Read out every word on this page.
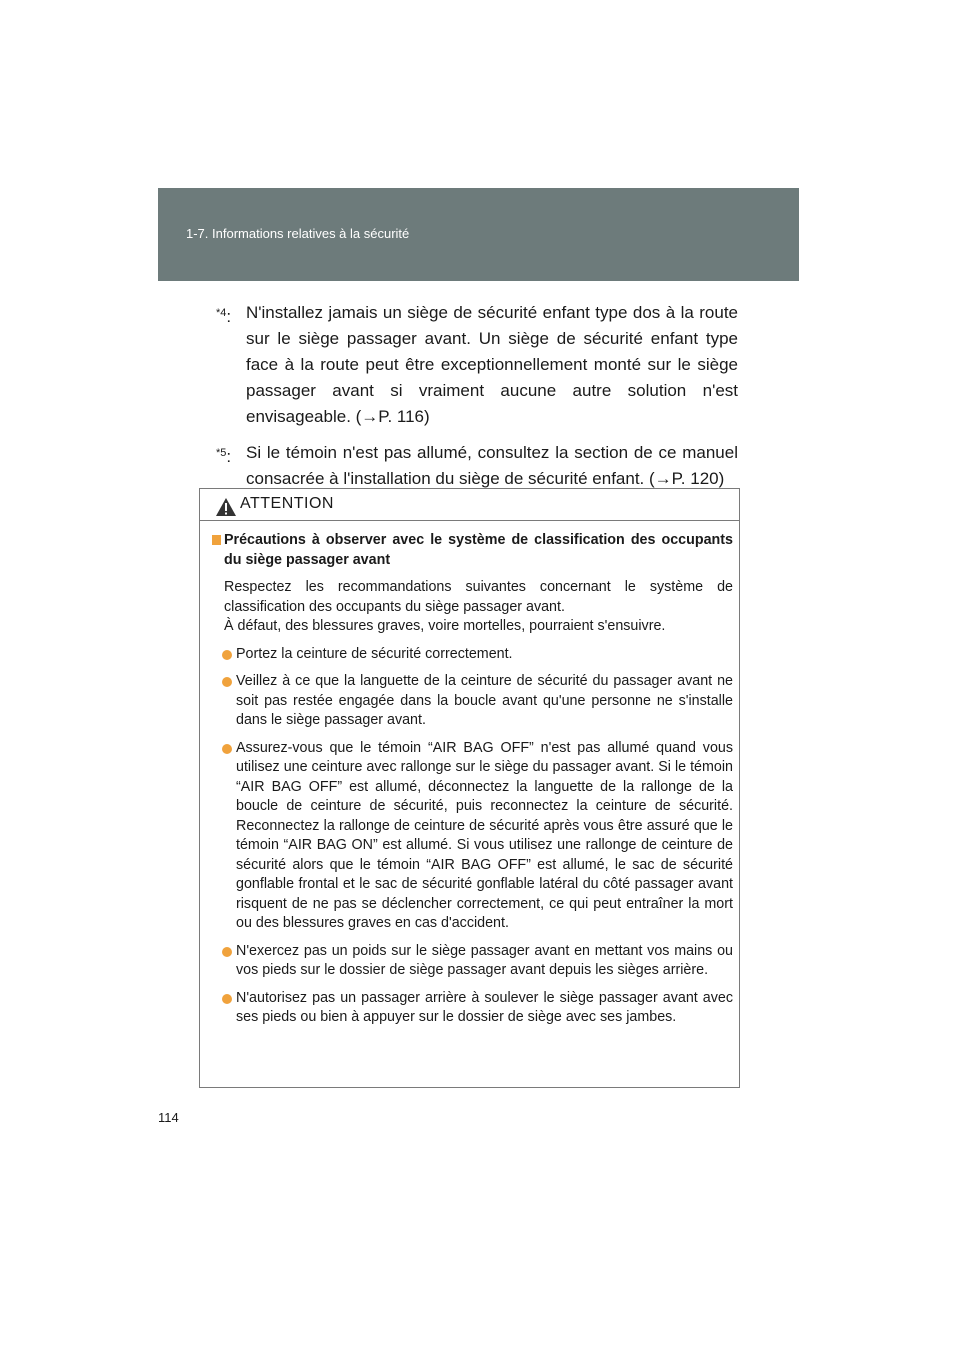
1-7. Informations relatives à la sécurité
$^{*4}$: N'installez jamais un siège de sécurité enfant type dos à la route sur le siège passager avant. Un siège de sécurité enfant type face à la route peut être exceptionnellement monté sur le siège passager avant si vraiment aucune autre solution n'est envisageable. (→P. 116)
$^{*5}$: Si le témoin n'est pas allumé, consultez la section de ce manuel consacrée à l'installation du siège de sécurité enfant. (→P. 120)
ATTENTION
Précautions à observer avec le système de classification des occupants du siège passager avant
Respectez les recommandations suivantes concernant le système de classification des occupants du siège passager avant.
À défaut, des blessures graves, voire mortelles, pourraient s'ensuivre.
Portez la ceinture de sécurité correctement.
Veillez à ce que la languette de la ceinture de sécurité du passager avant ne soit pas restée engagée dans la boucle avant qu'une personne ne s'installe dans le siège passager avant.
Assurez-vous que le témoin “AIR BAG OFF” n'est pas allumé quand vous utilisez une ceinture avec rallonge sur le siège du passager avant. Si le témoin “AIR BAG OFF” est allumé, déconnectez la languette de la rallonge de la boucle de ceinture de sécurité, puis reconnectez la ceinture de sécurité. Reconnectez la rallonge de ceinture de sécurité après vous être assuré que le témoin “AIR BAG ON” est allumé. Si vous utilisez une rallonge de ceinture de sécurité alors que le témoin “AIR BAG OFF” est allumé, le sac de sécurité gonflable frontal et le sac de sécurité gonflable latéral du côté passager avant risquent de ne pas se déclencher correctement, ce qui peut entraîner la mort ou des blessures graves en cas d'accident.
N'exercez pas un poids sur le siège passager avant en mettant vos mains ou vos pieds sur le dossier de siège passager avant depuis les sièges arrière.
N'autorisez pas un passager arrière à soulever le siège passager avant avec ses pieds ou bien à appuyer sur le dossier de siège avec ses jambes.
114
